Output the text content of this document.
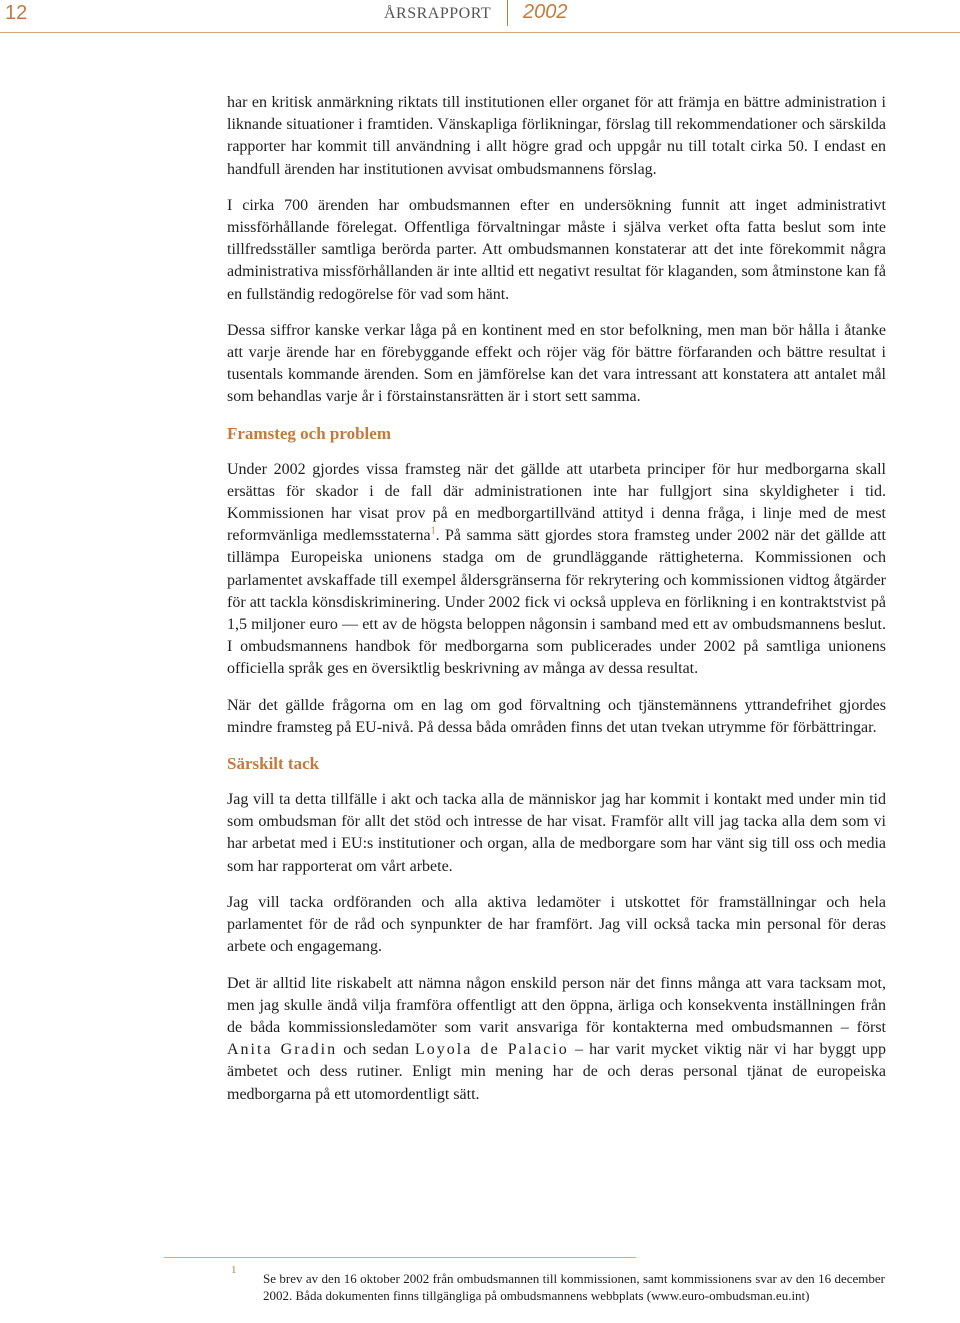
12	ÅRSRAPPORT 2002

har en kritisk anmärkning riktats till institutionen eller organet för att främja en bättre administration i liknande situationer i framtiden. Vänskapliga förlikningar, förslag till rekommendationer och särskilda rapporter har kommit till användning i allt högre grad och uppgår nu till totalt cirka 50. I endast en handfull ärenden har institutionen avvisat ombudsmannens förslag.

I cirka 700 ärenden har ombudsmannen efter en undersökning funnit att inget administrativt missförhållande förelegat. Offentliga förvaltningar måste i själva verket ofta fatta beslut som inte tillfredsställer samtliga berörda parter. Att ombudsmannen konstaterar att det inte förekommit några administrativa missförhållanden är inte alltid ett negativt resultat för klaganden, som åtminstone kan få en fullständig redogörelse för vad som hänt.

Dessa siffror kanske verkar låga på en kontinent med en stor befolkning, men man bör hålla i åtanke att varje ärende har en förebyggande effekt och röjer väg för bättre förfaranden och bättre resultat i tusentals kommande ärenden. Som en jämförelse kan det vara intressant att konstatera att antalet mål som behandlas varje år i förstainstansrätten är i stort sett samma.

Framsteg och problem

Under 2002 gjordes vissa framsteg när det gällde att utarbeta principer för hur medborgarna skall ersättas för skador i de fall där administrationen inte har fullgjort sina skyldigheter i tid. Kommissionen har visat prov på en medborgartillvänd attityd i denna fråga, i linje med de mest reformvänliga medlemsstaterna$^1$. På samma sätt gjordes stora framsteg under 2002 när det gällde att tillämpa Europeiska unionens stadga om de grundläggande rättigheterna. Kommissionen och parlamentet avskaffade till exempel åldersgränserna för rekrytering och kommissionen vidtog åtgärder för att tackla könsdiskriminering. Under 2002 fick vi också uppleva en förlikning i en kontraktstvist på 1,5 miljoner euro — ett av de högsta beloppen någonsin i samband med ett av ombudsmannens beslut. I ombudsmannens handbok för medborgarna som publicerades under 2002 på samtliga unionens officiella språk ges en översiktlig beskrivning av många av dessa resultat.

När det gällde frågorna om en lag om god förvaltning och tjänstemännens yttrandefrihet gjordes mindre framsteg på EU-nivå. På dessa båda områden finns det utan tvekan utrymme för förbättringar.

Särskilt tack

Jag vill ta detta tillfälle i akt och tacka alla de människor jag har kommit i kontakt med under min tid som ombudsman för allt det stöd och intresse de har visat. Framför allt vill jag tacka alla dem som vi har arbetat med i EU:s institutioner och organ, alla de medborgare som har vänt sig till oss och media som har rapporterat om vårt arbete.

Jag vill tacka ordföranden och alla aktiva ledamöter i utskottet för framställningar och hela parlamentet för de råd och synpunkter de har framfört. Jag vill också tacka min personal för deras arbete och engagemang.

Det är alltid lite riskabelt att nämna någon enskild person när det finns många att vara tacksam mot, men jag skulle ändå vilja framföra offentligt att den öppna, ärliga och konsekventa inställningen från de båda kommissionsledamöter som varit ansvariga för kontakterna med ombudsmannen – först Anita Gradin och sedan Loyola de Palacio – har varit mycket viktig när vi har byggt upp ämbetet och dess rutiner. Enligt min mening har de och deras personal tjänat de europeiska medborgarna på ett utomordentligt sätt.

1
Se brev av den 16 oktober 2002 från ombudsmannen till kommissionen, samt kommissionens svar av den 16 december 2002. Båda dokumenten finns tillgängliga på ombudsmannens webbplats (www.euro-ombudsman.eu.int)
